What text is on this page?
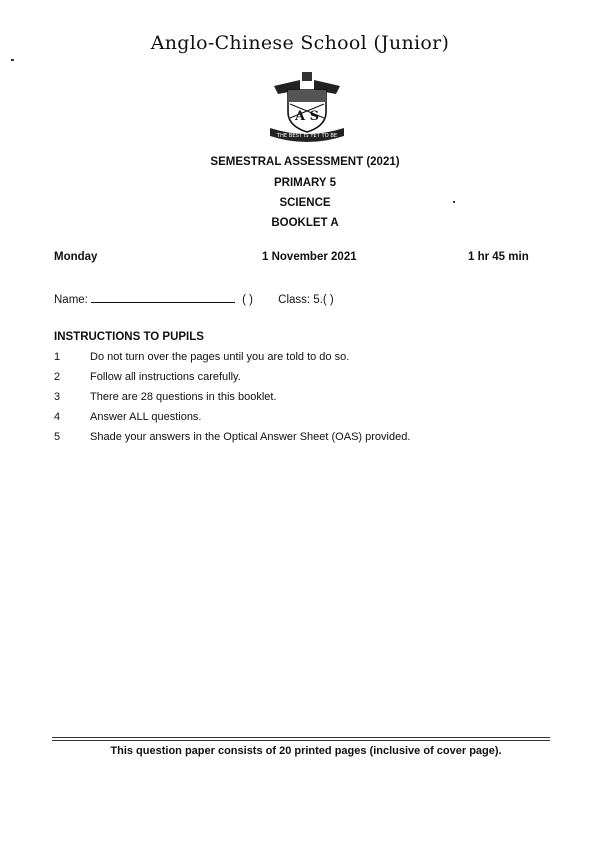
Anglo-Chinese School (Junior)
A S
THE BEST IS YET TO BE
SEMESTRAL ASSESSMENT (2021)
PRIMARY 5
SCIENCE
BOOKLET A
Monday	1 November 2021	1 hr 45 min
Name:	( ) Class: 5.( )
INSTRUCTIONS TO PUPILS
1	Do not turn over the pages until you are told to do so.
2	Follow all instructions carefully.
3	There are 28 questions in this booklet.
4	Answer ALL questions.
5	Shade your answers in the Optical Answer Sheet (OAS) provided.
This question paper consists of 20 printed pages (inclusive of cover page).
